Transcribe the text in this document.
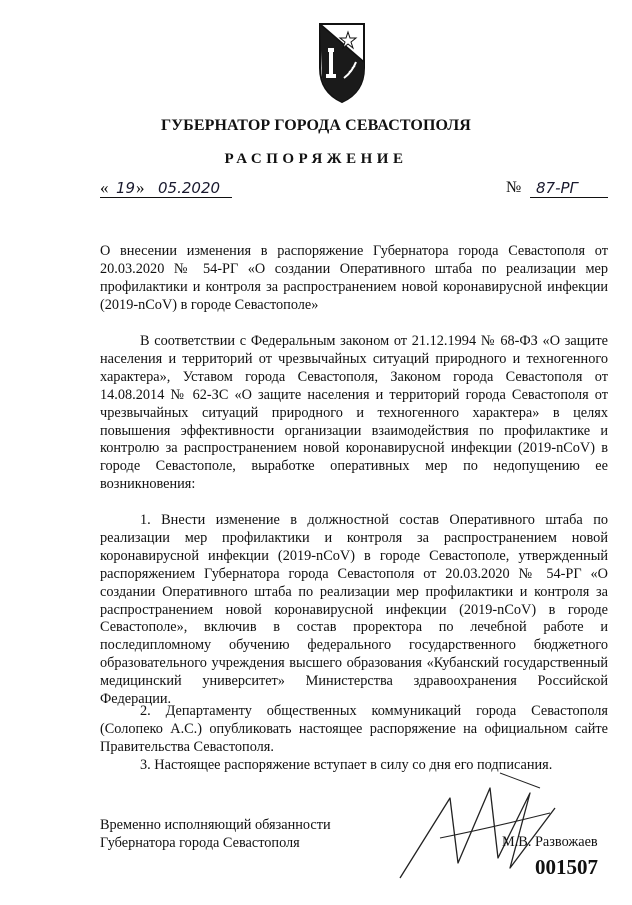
ГУБЕРНАТОР ГОРОДА СЕВАСТОПОЛЯ
РАСПОРЯЖЕНИЕ
« 19 » 05.2020	№ 87-РГ

О внесении изменения в распоряжение Губернатора города Севастополя от 20.03.2020 № 54-РГ «О создании Оперативного штаба по реализации мер профилактики и контроля за распространением новой коронавирусной инфекции (2019-nCoV) в городе Севастополе»

В соответствии с Федеральным законом от 21.12.1994 № 68-ФЗ «О защите населения и территорий от чрезвычайных ситуаций природного и техногенного характера», Уставом города Севастополя, Законом города Севастополя от 14.08.2014 № 62-ЗС «О защите населения и территорий города Севастополя от чрезвычайных ситуаций природного и техногенного характера» в целях повышения эффективности организации взаимодействия по профилактике и контролю за распространением новой коронавирусной инфекции (2019-nCoV) в городе Севастополе, выработке оперативных мер по недопущению ее возникновения:

1. Внести изменение в должностной состав Оперативного штаба по реализации мер профилактики и контроля за распространением новой коронавирусной инфекции (2019-nCoV) в городе Севастополе, утвержденный распоряжением Губернатора города Севастополя от 20.03.2020 № 54-РГ «О создании Оперативного штаба по реализации мер профилактики и контроля за распространением новой коронавирусной инфекции (2019-nCoV) в городе Севастополе», включив в состав проректора по лечебной работе и последипломному обучению федерального государственного бюджетного образовательного учреждения высшего образования «Кубанский государственный медицинский университет» Министерства здравоохранения Российской Федерации.

2. Департаменту общественных коммуникаций города Севастополя (Солопеко А.С.) опубликовать настоящее распоряжение на официальном сайте Правительства Севастополя.

3. Настоящее распоряжение вступает в силу со дня его подписания.

Временно исполняющий обязанности
Губернатора города Севастополя	М.В. Развожаев
001507
